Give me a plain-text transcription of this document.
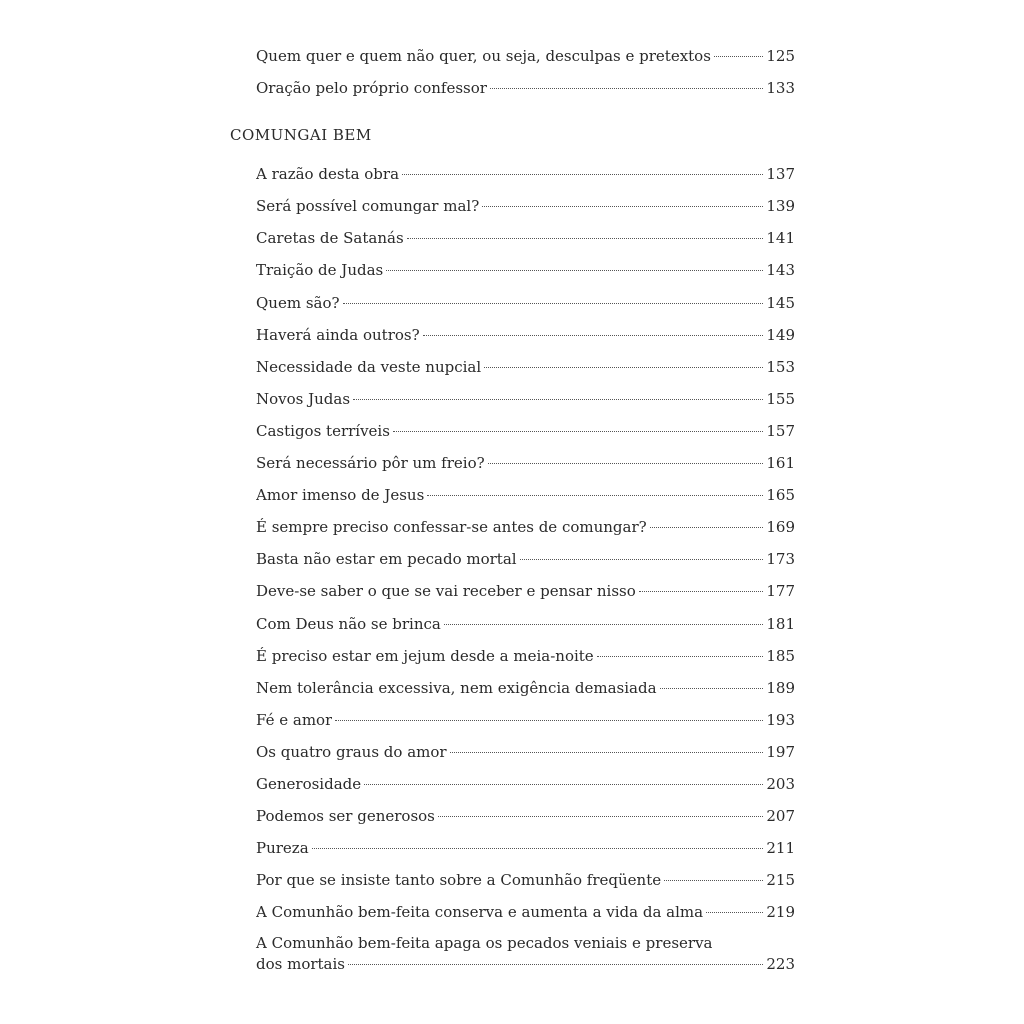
Quem quer e quem não quer, ou seja, desculpas e pretextos	125
Oração pelo próprio confessor	133
COMUNGAI BEM
A razão desta obra	137
Será possível comungar mal?	139
Caretas de Satanás	141
Traição de Judas	143
Quem são?	145
Haverá ainda outros?	149
Necessidade da veste nupcial	153
Novos Judas	155
Castigos terríveis	157
Será necessário pôr um freio?	161
Amor imenso de Jesus	165
É sempre preciso confessar-se antes de comungar?	169
Basta não estar em pecado mortal	173
Deve-se saber o que se vai receber e pensar nisso	177
Com Deus não se brinca	181
É preciso estar em jejum desde a meia-noite	185
Nem tolerância excessiva, nem exigência demasiada	189
Fé e amor	193
Os quatro graus do amor	197
Generosidade	203
Podemos ser generosos	207
Pureza	211
Por que se insiste tanto sobre a Comunhão freqüente	215
A Comunhão bem-feita conserva e aumenta a vida da alma	219
A Comunhão bem-feita apaga os pecados veniais e preserva
dos mortais	223
